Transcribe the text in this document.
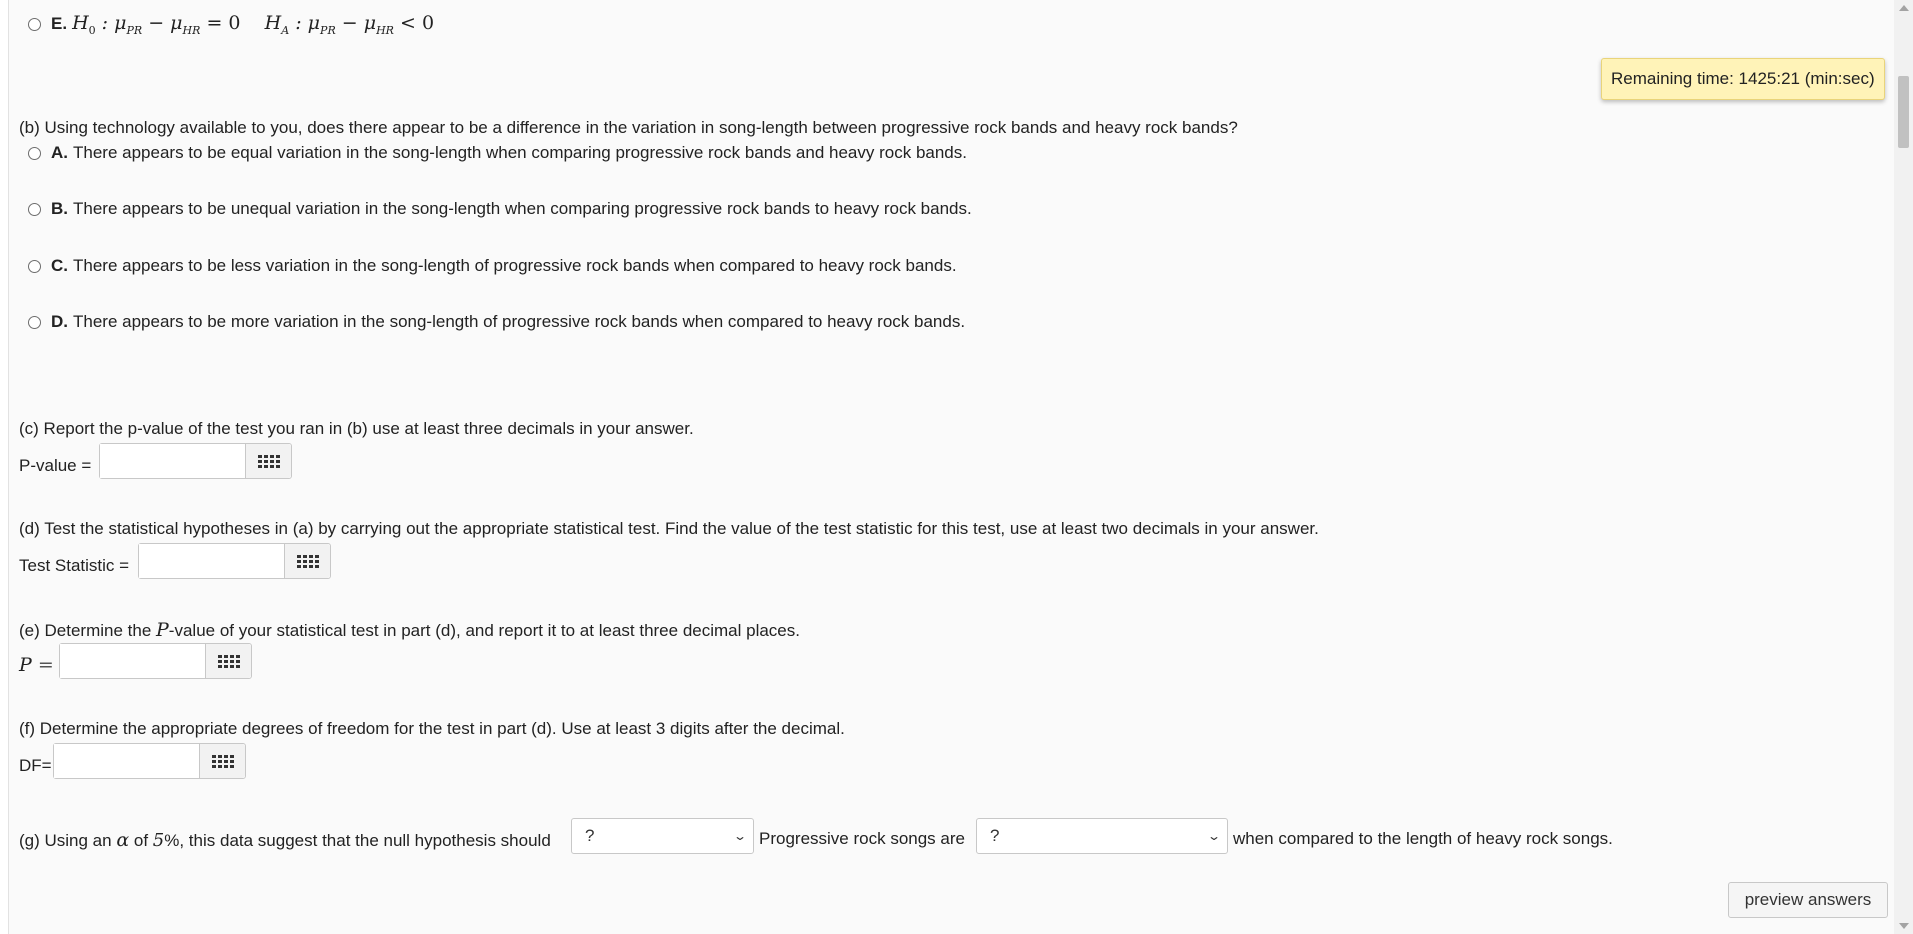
E. $H_0$ : $\mu_{PR} - \mu_{HR} = 0$ $H_A$ : $\mu_{PR} - \mu_{HR} < 0$
Remaining time: 1425:21 (min:sec)
(b) Using technology available to you, does there appear to be a difference in the variation in song-length between progressive rock bands and heavy rock bands?
A. There appears to be equal variation in the song-length when comparing progressive rock bands and heavy rock bands.
B. There appears to be unequal variation in the song-length when comparing progressive rock bands to heavy rock bands.
C. There appears to be less variation in the song-length of progressive rock bands when compared to heavy rock bands.
D. There appears to be more variation in the song-length of progressive rock bands when compared to heavy rock bands.
(c) Report the p-value of the test you ran in (b) use at least three decimals in your answer.
P-value =
(d) Test the statistical hypotheses in (a) by carrying out the appropriate statistical test. Find the value of the test statistic for this test, use at least two decimals in your answer.
Test Statistic =
(e) Determine the P-value of your statistical test in part (d), and report it to at least three decimal places.
P =
(f) Determine the appropriate degrees of freedom for the test in part (d). Use at least 3 digits after the decimal.
DF=
(g) Using an α of 5%, this data suggest that the null hypothesis should ?	⌄ Progressive rock songs are ?	⌄ when compared to the length of heavy rock songs.
preview answers
